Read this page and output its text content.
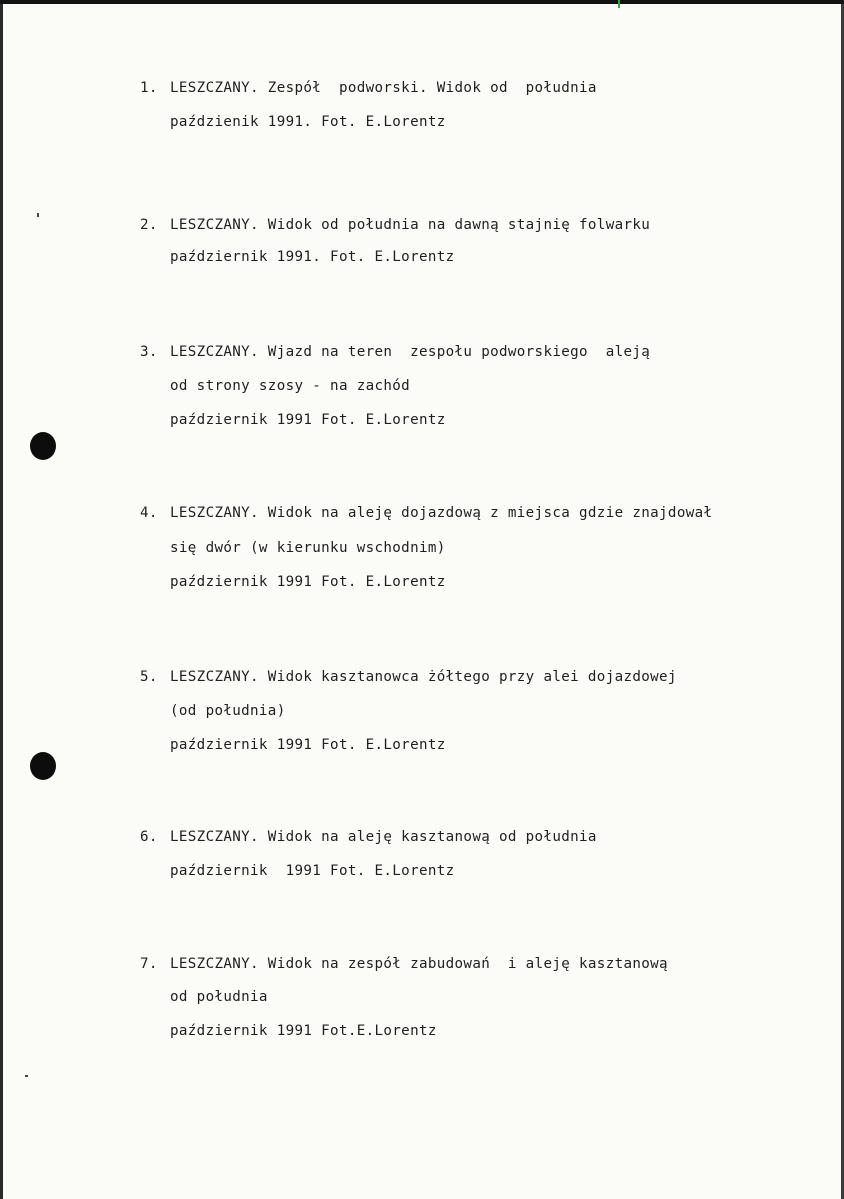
1. LESZCZANY. Zespół  podworski. Widok od  południa
paździenik 1991. Fot. E.Lorentz
2. LESZCZANY. Widok od południa na dawną stajnię folwarku
październik 1991. Fot. E.Lorentz
3. LESZCZANY. Wjazd na teren  zespołu podworskiego  aleją
od strony szosy - na zachód
październik 1991 Fot. E.Lorentz
4. LESZCZANY. Widok na aleję dojazdową z miejsca gdzie znajdował
się dwór (w kierunku wschodnim)
październik 1991 Fot. E.Lorentz
5. LESZCZANY. Widok kasztanowca żółtego przy alei dojazdowej
(od południa)
październik 1991 Fot. E.Lorentz
6. LESZCZANY. Widok na aleję kasztanową od południa
październik  1991 Fot. E.Lorentz
7. LESZCZANY. Widok na zespół zabudowań  i aleję kasztanową
od południa
październik 1991 Fot.E.Lorentz
